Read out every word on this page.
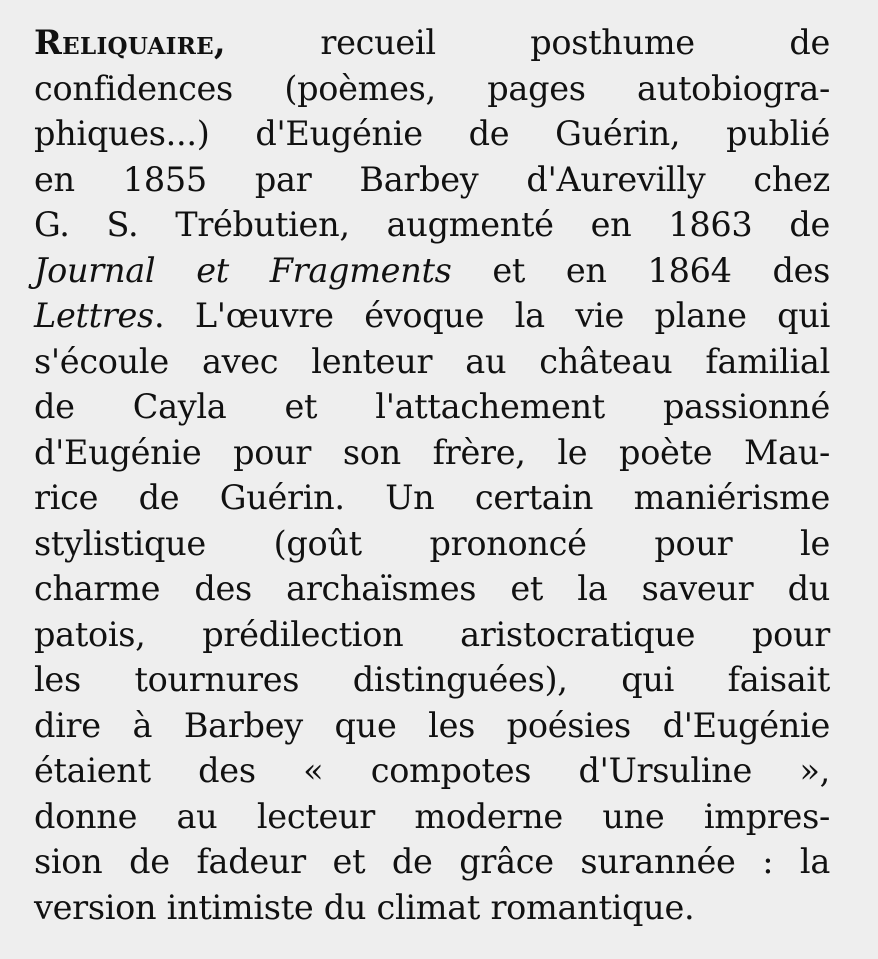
Reliquaire, recueil posthume de
confidences (poèmes, pages autobiogra-
phiques...) d'Eugénie de Guérin, publié
en 1855 par Barbey d'Aurevilly chez
G. S. Trébutien, augmenté en 1863 de
Journal et Fragments et en 1864 des
Lettres. L'œuvre évoque la vie plane qui
s'écoule avec lenteur au château familial
de Cayla et l'attachement passionné
d'Eugénie pour son frère, le poète Mau-
rice de Guérin. Un certain maniérisme
stylistique (goût prononcé pour le
charme des archaïsmes et la saveur du
patois, prédilection aristocratique pour
les tournures distinguées), qui faisait
dire à Barbey que les poésies d'Eugénie
étaient des « compotes d'Ursuline »,
donne au lecteur moderne une impres-
sion de fadeur et de grâce surannée : la
version intimiste du climat romantique.
